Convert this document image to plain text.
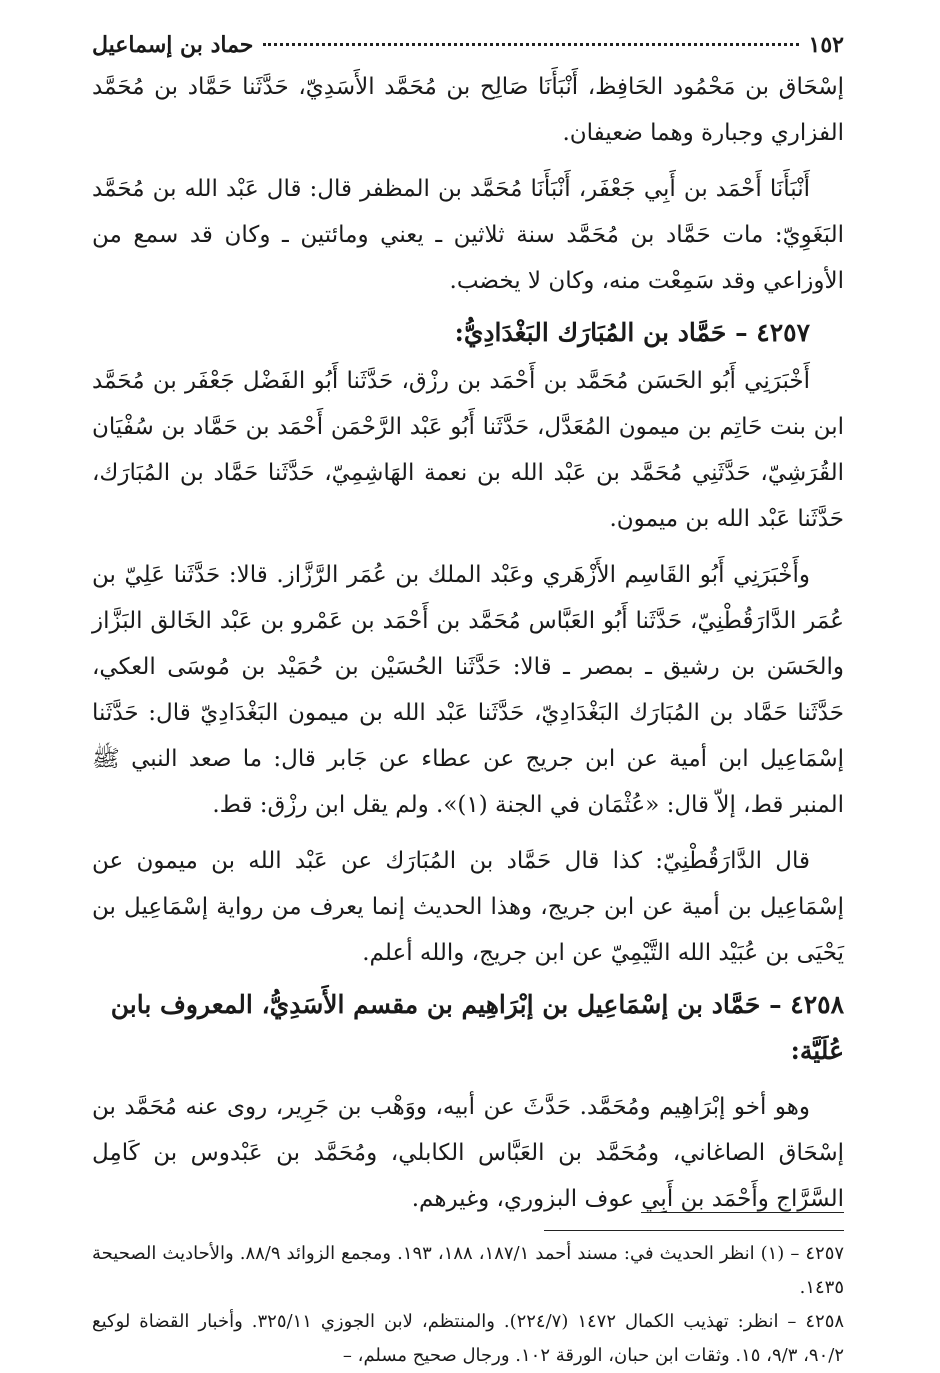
١٥٢
حماد بن إسماعيل

إسْحَاق بن مَحْمُود الحَافِظ، أَنْبَأَنَا صَالِح بن مُحَمَّد الأَسَدِيّ، حَدَّثَنا حَمَّاد بن مُحَمَّد الفزاري وجبارة وهما ضعيفان.

أَنْبَأَنَا أَحْمَد بن أَبِي جَعْفَر، أَنْبَأَنَا مُحَمَّد بن المظفر قال: قال عَبْد الله بن مُحَمَّد البَغَوِيّ: مات حَمَّاد بن مُحَمَّد سنة ثلاثين ـ يعني ومائتين ـ وكان قد سمع من الأوزاعي وقد سَمِعْت منه، وكان لا يخضب.

٤٢٥٧ – حَمَّاد بن المُبَارَك البَغْدَادِيُّ:

أَخْبَرَنِي أَبُو الحَسَن مُحَمَّد بن أَحْمَد بن رزْق، حَدَّثَنا أَبُو الفَضْل جَعْفَر بن مُحَمَّد ابن بنت حَاتِم بن ميمون المُعَدَّل، حَدَّثَنا أَبُو عَبْد الرَّحْمَن أَحْمَد بن حَمَّاد بن سُفْيَان القُرَشِيّ، حَدَّثَنِي مُحَمَّد بن عَبْد الله بن نعمة الهَاشِمِيّ، حَدَّثَنا حَمَّاد بن المُبَارَك، حَدَّثَنا عَبْد الله بن ميمون.

وأَخْبَرَنِي أَبُو القَاسِم الأَزْهَري وعَبْد الملك بن عُمَر الرَّزَّاز. قالا: حَدَّثَنا عَلِيّ بن عُمَر الدَّارَقُطْنِيّ، حَدَّثَنا أَبُو العَبَّاس مُحَمَّد بن أَحْمَد بن عَمْرو بن عَبْد الخَالق البَزَّاز والحَسَن بن رشيق ـ بمصر ـ قالا: حَدَّثَنا الحُسَيْن بن حُمَيْد بن مُوسَى العكي، حَدَّثَنا حَمَّاد بن المُبَارَك البَغْدَادِيّ، حَدَّثَنا عَبْد الله بن ميمون البَغْدَادِيّ قال: حَدَّثَنا إسْمَاعِيل ابن أمية عن ابن جريج عن عطاء عن جَابر قال: ما صعد النبي ﷺ المنبر قط، إلاّ قال: «عُثْمَان في الجنة (١)». ولم يقل ابن رزْق: قط.

قال الدَّارَقُطْنِيّ: كذا قال حَمَّاد بن المُبَارَك عن عَبْد الله بن ميمون عن إسْمَاعِيل بن أمية عن ابن جريج، وهذا الحديث إنما يعرف من رواية إسْمَاعِيل بن يَحْيَى بن عُبَيْد الله التَّيْمِيّ عن ابن جريج، والله أعلم.

٤٢٥٨ – حَمَّاد بن إسْمَاعِيل بن إبْرَاهِيم بن مقسم الأَسَدِيُّ، المعروف بابن عُلَيَّة:

وهو أخو إبْرَاهِيم ومُحَمَّد. حَدَّثَ عن أبيه، ووَهْب بن جَرِير، روى عنه مُحَمَّد بن إسْحَاق الصاغاني، ومُحَمَّد بن العَبَّاس الكابلي، ومُحَمَّد بن عَبْدوس بن كَامِل السَّرَّاج وأَحْمَد بن أَبِي عوف البزوري، وغيرهم.

٤٢٥٧ – (١) انظر الحديث في: مسند أحمد ١٨٧/١، ١٨٨، ١٩٣. ومجمع الزوائد ٨٨/٩. والأحاديث الصحيحة ١٤٣٥.

٤٢٥٨ – انظر: تهذيب الكمال ١٤٧٢ (٢٢٤/٧). والمنتظم، لابن الجوزي ٣٢٥/١١. وأخبار القضاة لوكيع ٩٠/٢، ٩/٣، ١٥. وثقات ابن حبان، الورقة ١٠٢. ورجال صحيح مسلم، –
